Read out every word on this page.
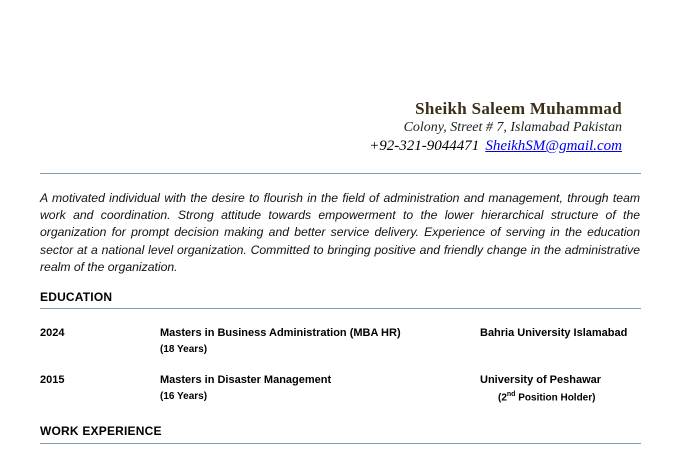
Sheikh Saleem Muhammad
Colony, Street # 7, Islamabad Pakistan
+92-321-9044471 SheikhSM@gmail.com
A motivated individual with the desire to flourish in the field of administration and management, through team work and coordination. Strong attitude towards empowerment to the lower hierarchical structure of the organization for prompt decision making and better service delivery. Experience of serving in the education sector at a national level organization. Committed to bringing positive and friendly change in the administrative realm of the organization.
EDUCATION
2024	Masters in Business Administration (MBA HR)
(18 Years)
Bahria University Islamabad
2015	Masters in Disaster Management
(16 Years)
University of Peshawar
(2nd Position Holder)
WORK EXPERIENCE
